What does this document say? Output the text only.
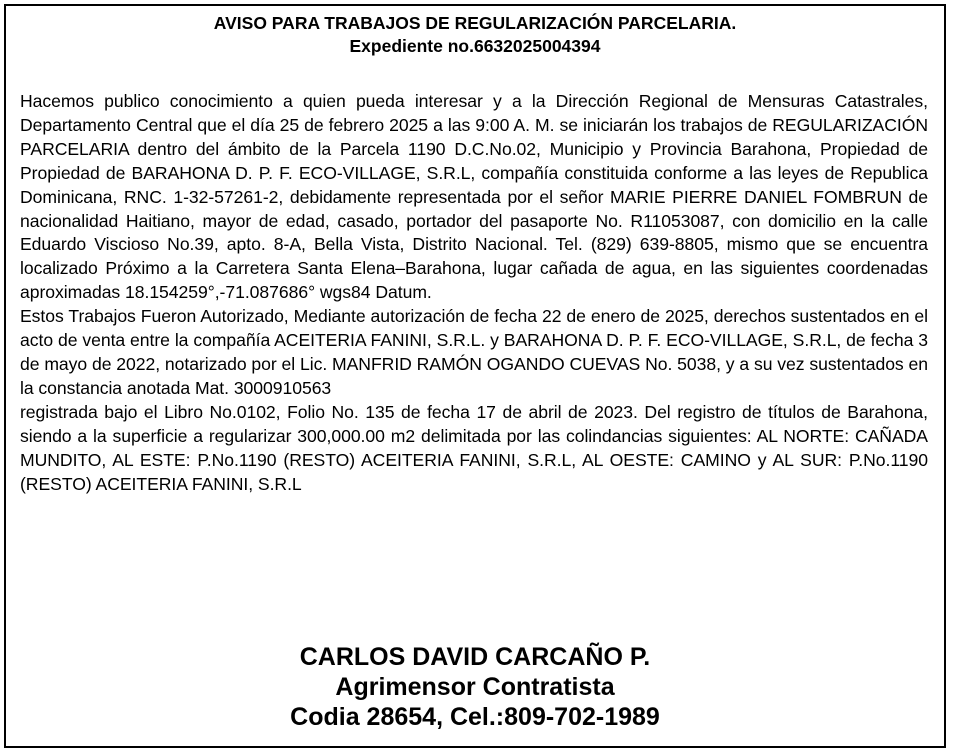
AVISO PARA TRABAJOS DE REGULARIZACIÓN PARCELARIA.
Expediente no.6632025004394

Hacemos publico conocimiento a quien pueda interesar y a la Dirección Regional de Mensuras Catastrales, Departamento Central que el día 25 de febrero 2025 a las 9:00 A. M. se iniciarán los trabajos de REGULARIZACIÓN PARCELARIA dentro del ámbito de la Parcela 1190 D.C.No.02, Municipio y Provincia Barahona, Propiedad de Propiedad de BARAHONA D. P. F. ECO-VILLAGE, S.R.L, compañía constituida conforme a las leyes de Republica Dominicana, RNC. 1-32-57261-2, debidamente representada por el señor MARIE PIERRE DANIEL FOMBRUN de nacionalidad Haitiano, mayor de edad, casado, portador del pasaporte No. R11053087, con domicilio en la calle Eduardo Viscioso No.39, apto. 8-A, Bella Vista, Distrito Nacional. Tel. (829) 639-8805, mismo que se encuentra localizado Próximo a la Carretera Santa Elena–Barahona, lugar cañada de agua, en las siguientes coordenadas aproximadas 18.154259°,-71.087686° wgs84 Datum.

Estos Trabajos Fueron Autorizado, Mediante autorización de fecha 22 de enero de 2025, derechos sustentados en el acto de venta entre la compañía ACEITERIA FANINI, S.R.L. y BARAHONA D. P. F. ECO-VILLAGE, S.R.L, de fecha 3 de mayo de 2022, notarizado por el Lic. MANFRID RAMÓN OGANDO CUEVAS No. 5038, y a su vez sustentados en la constancia anotada Mat. 3000910563

registrada bajo el Libro No.0102, Folio No. 135 de fecha 17 de abril de 2023. Del registro de títulos de Barahona, siendo a la superficie a regularizar 300,000.00 m2 delimitada por las colindancias siguientes: AL NORTE: CAÑADA MUNDITO, AL ESTE: P.No.1190 (RESTO) ACEITERIA FANINI, S.R.L, AL OESTE: CAMINO y AL SUR: P.No.1190 (RESTO) ACEITERIA FANINI, S.R.L

CARLOS DAVID CARCAÑO P.
Agrimensor Contratista
Codia 28654, Cel.:809-702-1989
